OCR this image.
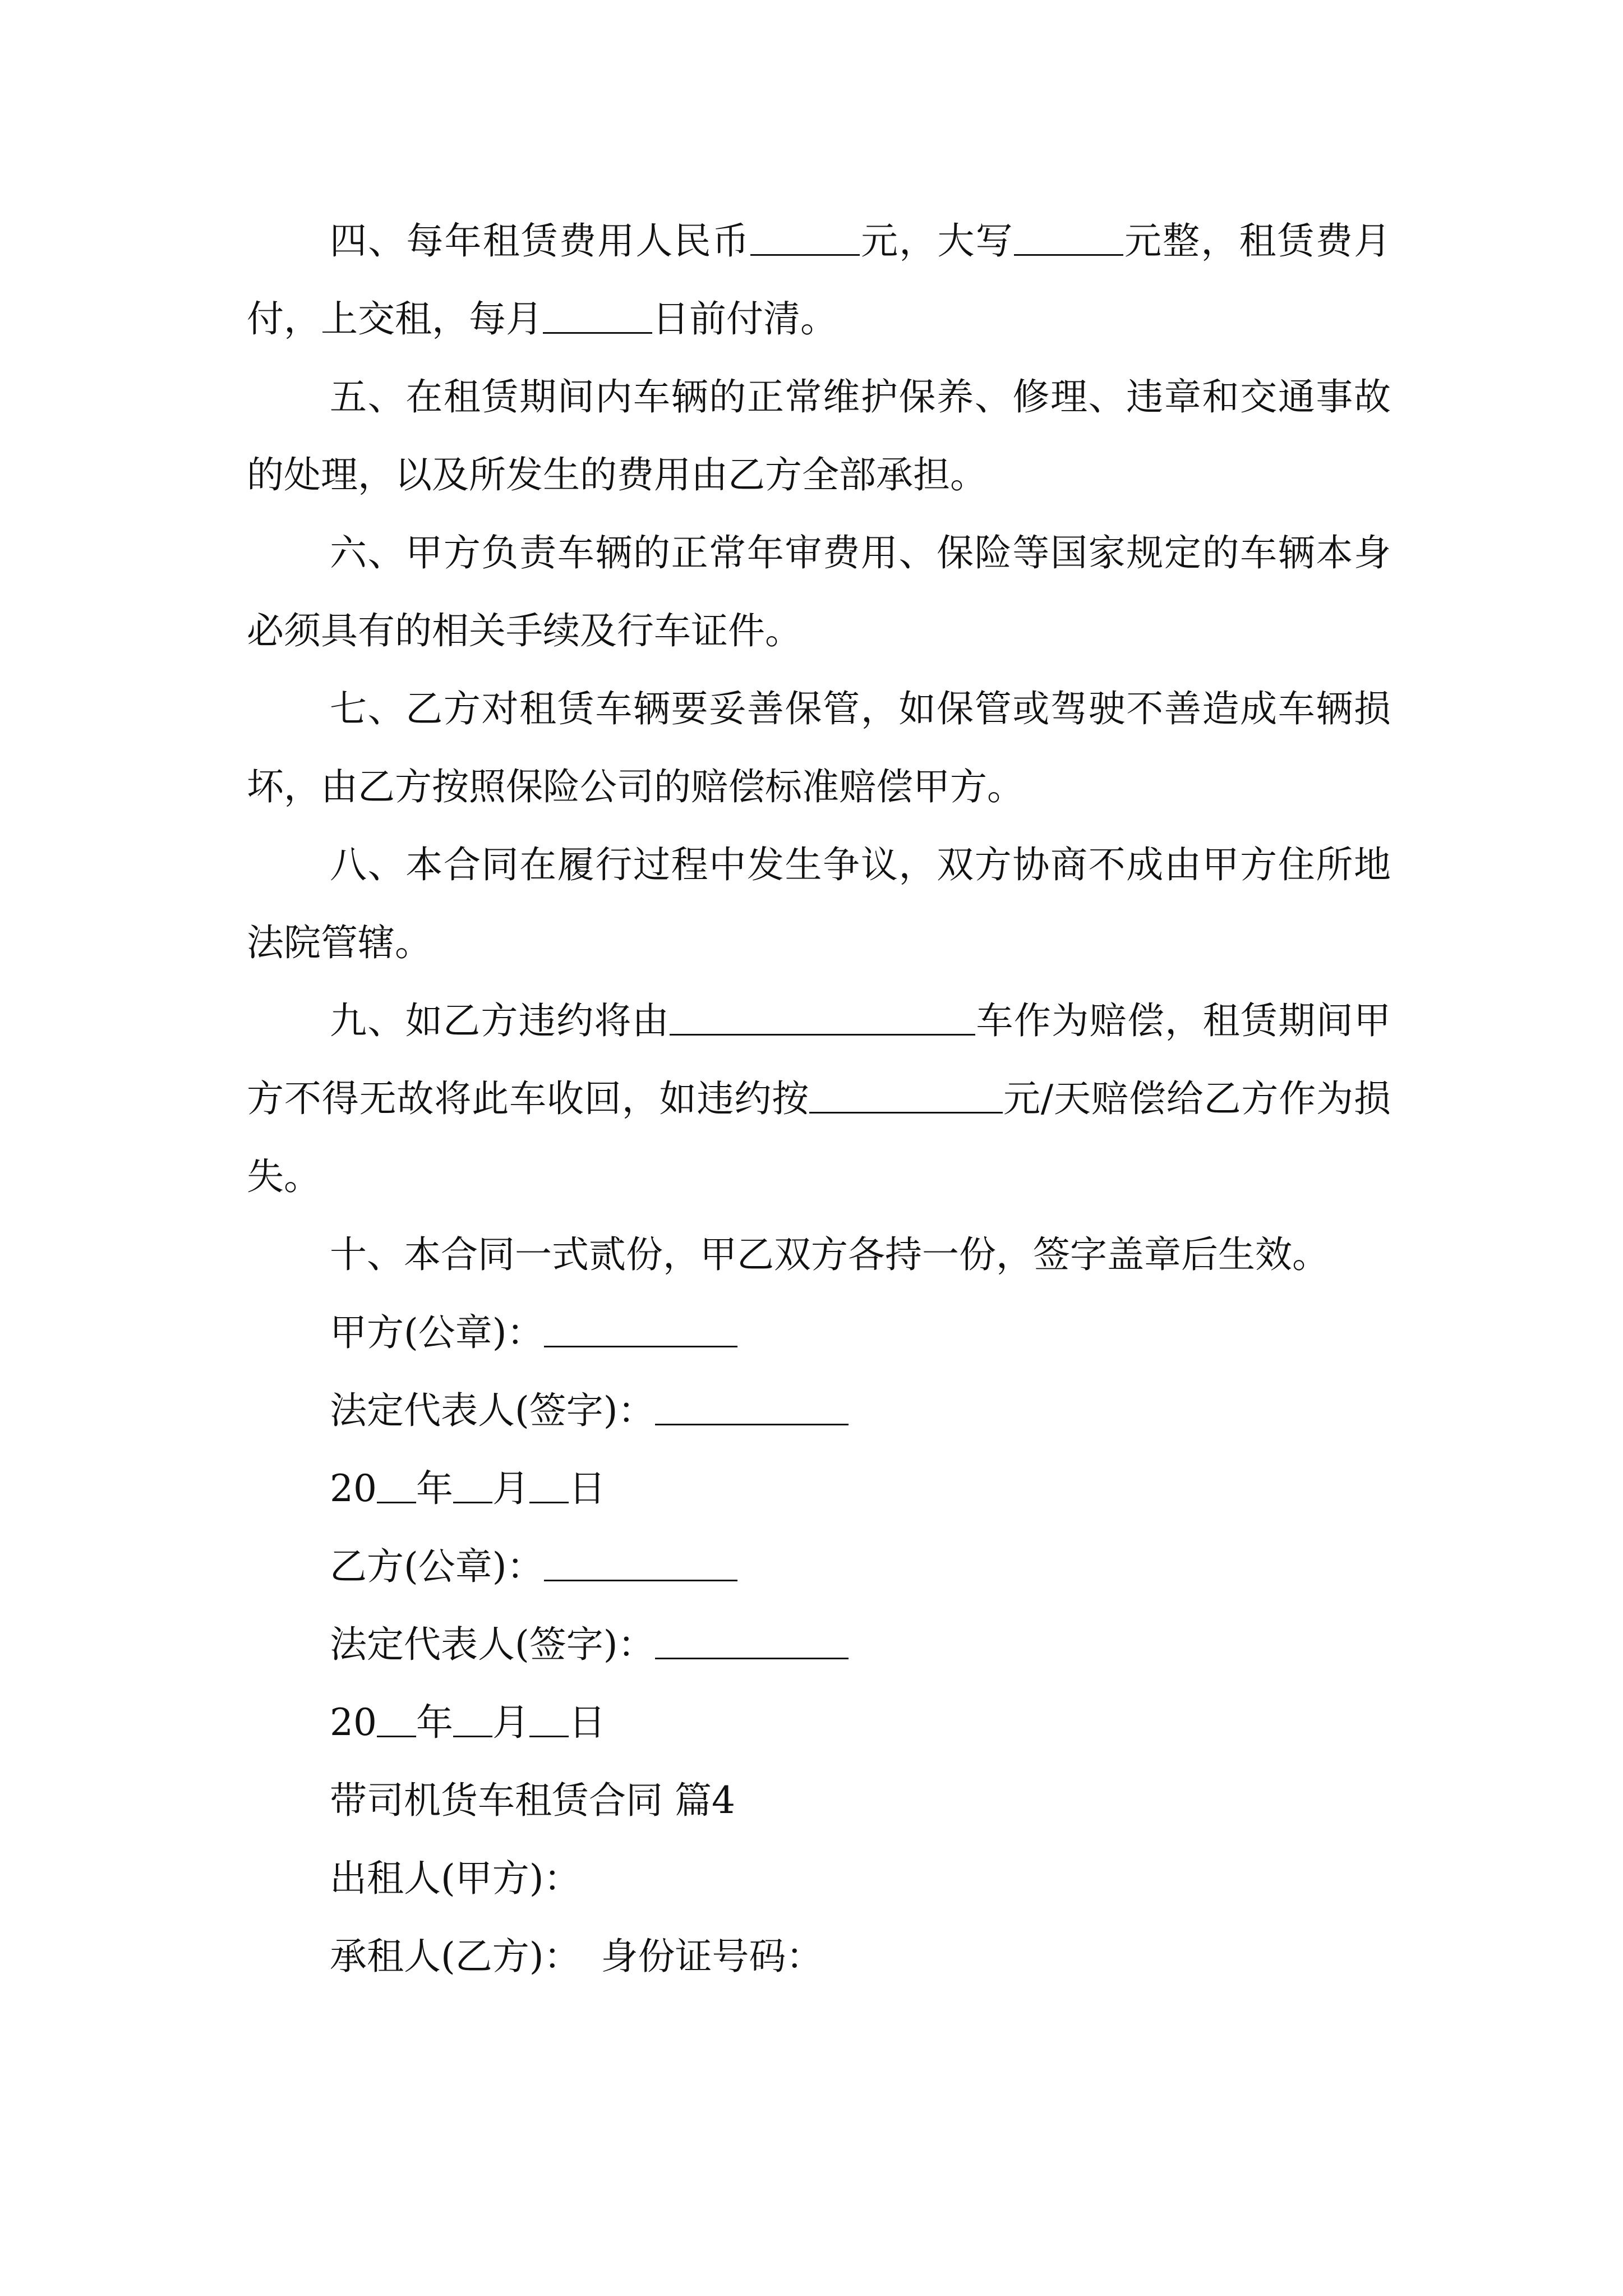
四、每年租赁费用人民币	元，大写	元整，租赁费月付，上交租，每月	日前付清。

五、在租赁期间内车辆的正常维护保养、修理、违章和交通事故的处理，以及所发生的费用由乙方全部承担。

六、甲方负责车辆的正常年审费用、保险等国家规定的车辆本身必须具有的相关手续及行车证件。

七、乙方对租赁车辆要妥善保管，如保管或驾驶不善造成车辆损坏，由乙方按照保险公司的赔偿标准赔偿甲方。

八、本合同在履行过程中发生争议，双方协商不成由甲方住所地法院管辖。

九、如乙方违约将由	车作为赔偿，租赁期间甲方不得无故将此车收回，如违约按	元/天赔偿给乙方作为损失。

十、本合同一式贰份，甲乙双方各持一份，签字盖章后生效。

甲方(公章)：

法定代表人(签字)：

20 年 月 日

乙方(公章)：

法定代表人(签字)：

20 年 月 日

带司机货车租赁合同 篇4

出租人(甲方)：

承租人(乙方)： 身份证号码：
